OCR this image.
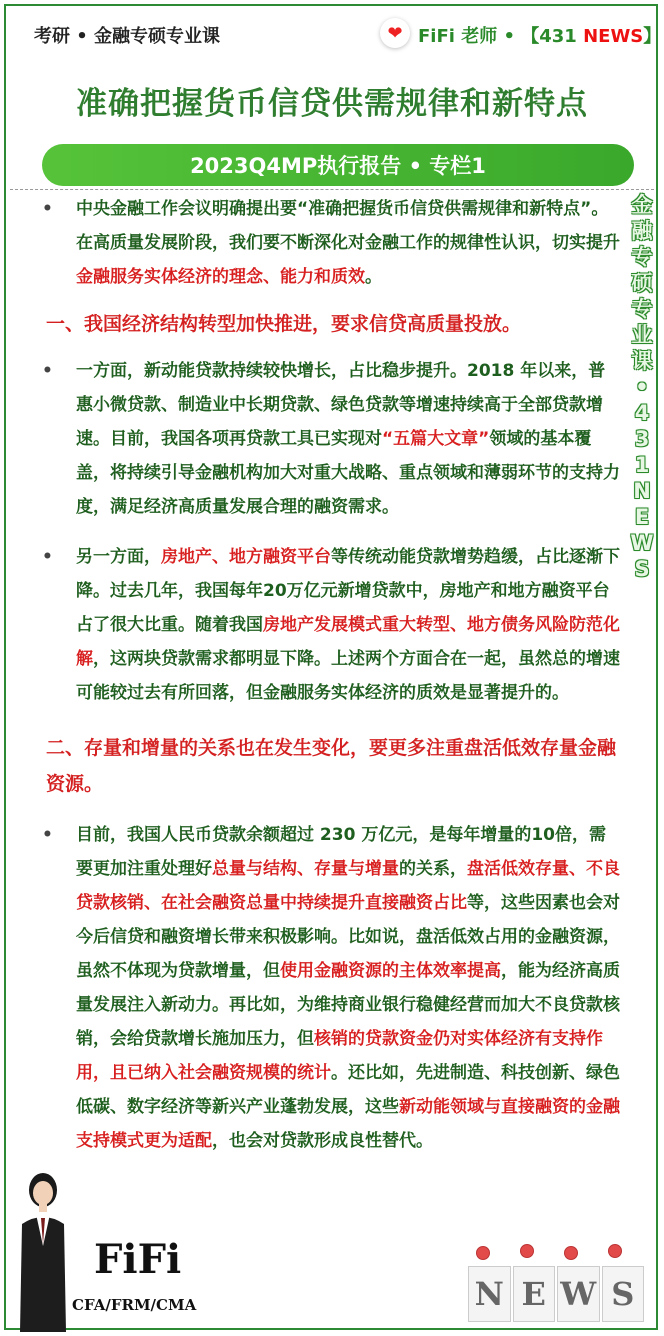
考研 • 金融专硕专业课	❤ FiFi 老师 • 【431 NEWS】
准确把握货币信贷供需规律和新特点
2023Q4MP执行报告 • 专栏1
金
融
专
硕
专
业
课
•
4
3
1
N
E
W
S
• 中央金融工作会议明确提出要“准确把握货币信贷供需规律和新特点”。在高质量发展阶段，我们要不断深化对金融工作的规律性认识，切实提升金融服务实体经济的理念、能力和质效。
一、我国经济结构转型加快推进，要求信贷高质量投放。
• 一方面，新动能贷款持续较快增长，占比稳步提升。2018 年以来，普惠小微贷款、制造业中长期贷款、绿色贷款等增速持续高于全部贷款增速。目前，我国各项再贷款工具已实现对“五篇大文章”领域的基本覆盖，将持续引导金融机构加大对重大战略、重点领域和薄弱环节的支持力度，满足经济高质量发展合理的融资需求。
• 另一方面，房地产、地方融资平台等传统动能贷款增势趋缓，占比逐渐下降。过去几年，我国每年20万亿元新增贷款中，房地产和地方融资平台占了很大比重。随着我国房地产发展模式重大转型、地方债务风险防范化解，这两块贷款需求都明显下降。上述两个方面合在一起，虽然总的增速可能较过去有所回落，但金融服务实体经济的质效是显著提升的。
二、存量和增量的关系也在发生变化，要更多注重盘活低效存量金融资源。
• 目前，我国人民币贷款余额超过 230 万亿元，是每年增量的10倍，需要更加注重处理好总量与结构、存量与增量的关系，盘活低效存量、不良贷款核销、在社会融资总量中持续提升直接融资占比等，这些因素也会对今后信贷和融资增长带来积极影响。比如说，盘活低效占用的金融资源，虽然不体现为贷款增量，但使用金融资源的主体效率提高，能为经济高质量发展注入新动力。再比如，为维持商业银行稳健经营而加大不良贷款核销，会给贷款增长施加压力，但核销的贷款资金仍对实体经济有支持作用，且已纳入社会融资规模的统计。还比如，先进制造、科技创新、绿色低碳、数字经济等新兴产业蓬勃发展，这些新动能领域与直接融资的金融支持模式更为适配，也会对贷款形成良性替代。
FiFi
CFA/FRM/CMA	N E W S
